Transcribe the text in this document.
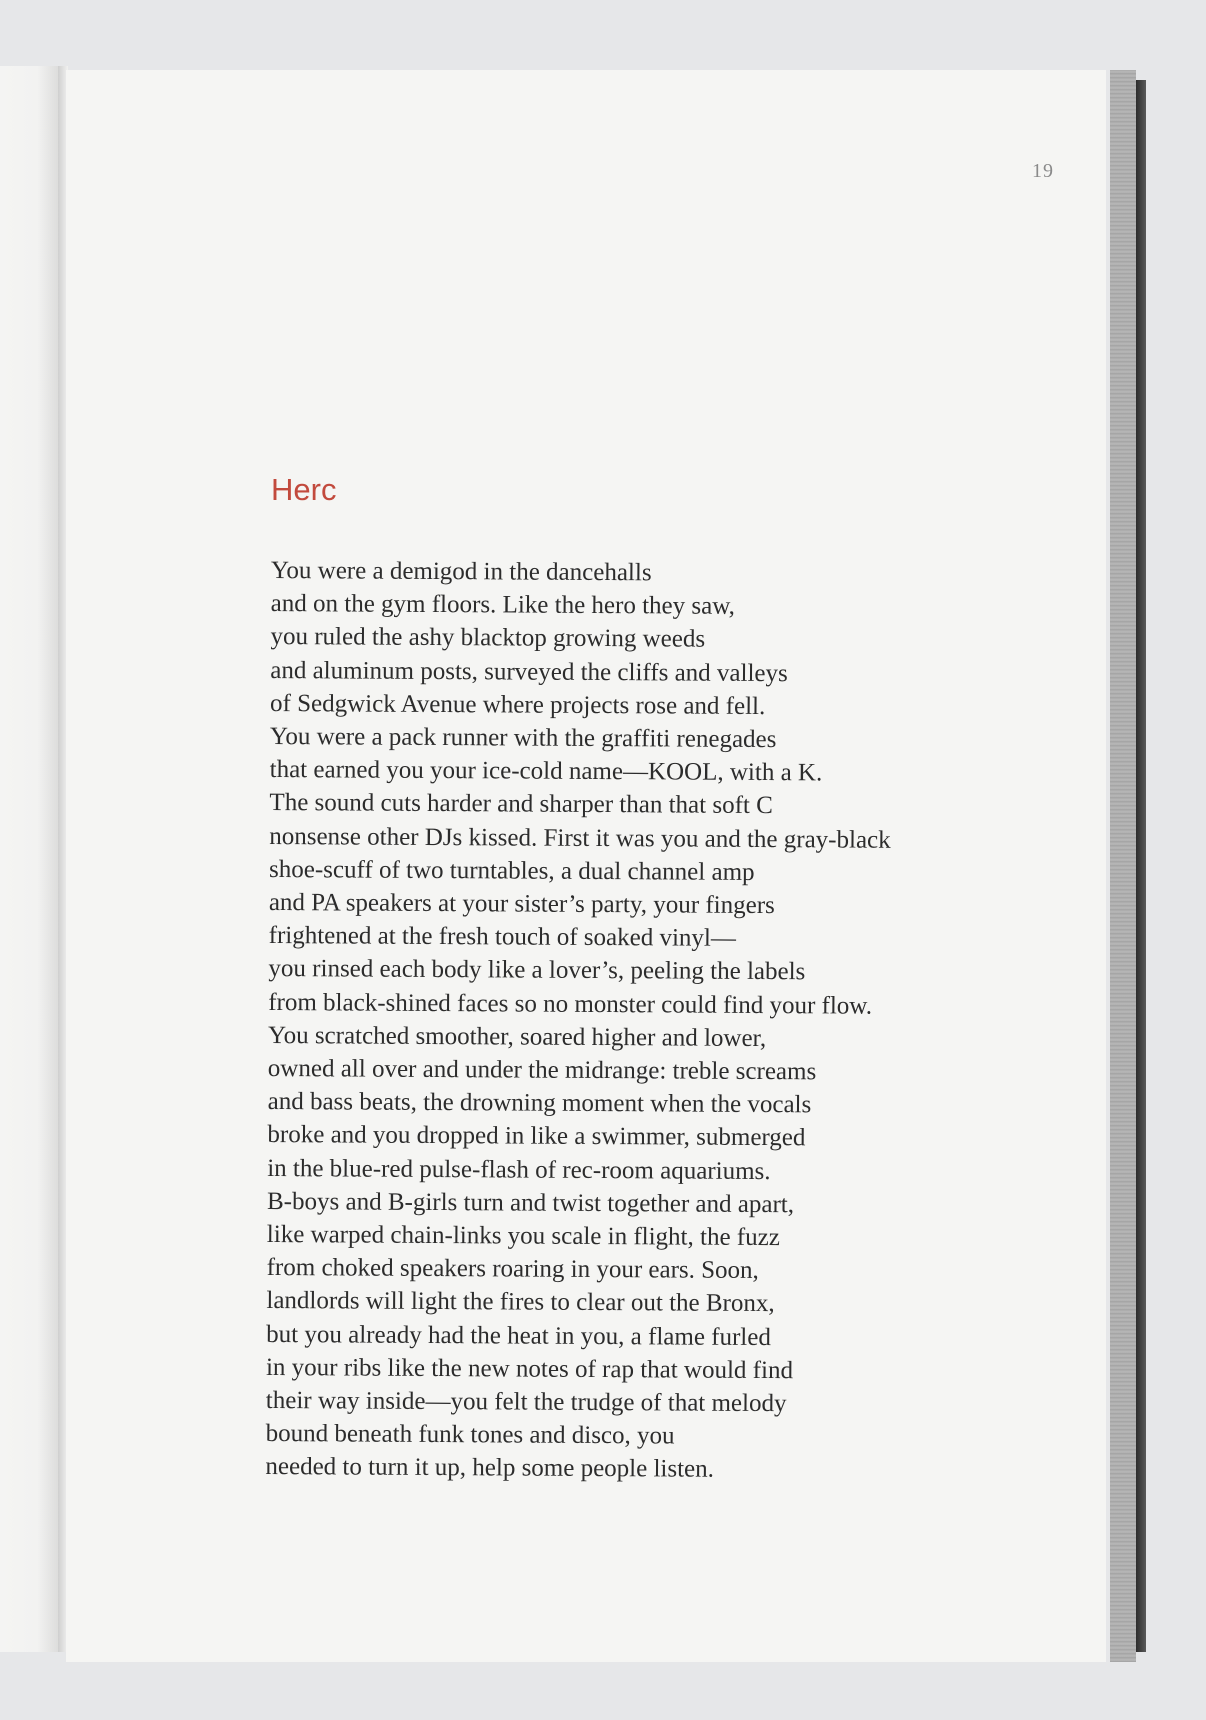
19
Herc
You were a demigod in the dancehalls
and on the gym floors. Like the hero they saw,
you ruled the ashy blacktop growing weeds
and aluminum posts, surveyed the cliffs and valleys
of Sedgwick Avenue where projects rose and fell.
You were a pack runner with the graffiti renegades
that earned you your ice-cold name—KOOL, with a K.
The sound cuts harder and sharper than that soft C
nonsense other DJs kissed. First it was you and the gray-black
shoe-scuff of two turntables, a dual channel amp
and PA speakers at your sister’s party, your fingers
frightened at the fresh touch of soaked vinyl—
you rinsed each body like a lover’s, peeling the labels
from black-shined faces so no monster could find your flow.
You scratched smoother, soared higher and lower,
owned all over and under the midrange: treble screams
and bass beats, the drowning moment when the vocals
broke and you dropped in like a swimmer, submerged
in the blue-red pulse-flash of rec-room aquariums.
B-boys and B-girls turn and twist together and apart,
like warped chain-links you scale in flight, the fuzz
from choked speakers roaring in your ears. Soon,
landlords will light the fires to clear out the Bronx,
but you already had the heat in you, a flame furled
in your ribs like the new notes of rap that would find
their way inside—you felt the trudge of that melody
bound beneath funk tones and disco, you
needed to turn it up, help some people listen.
